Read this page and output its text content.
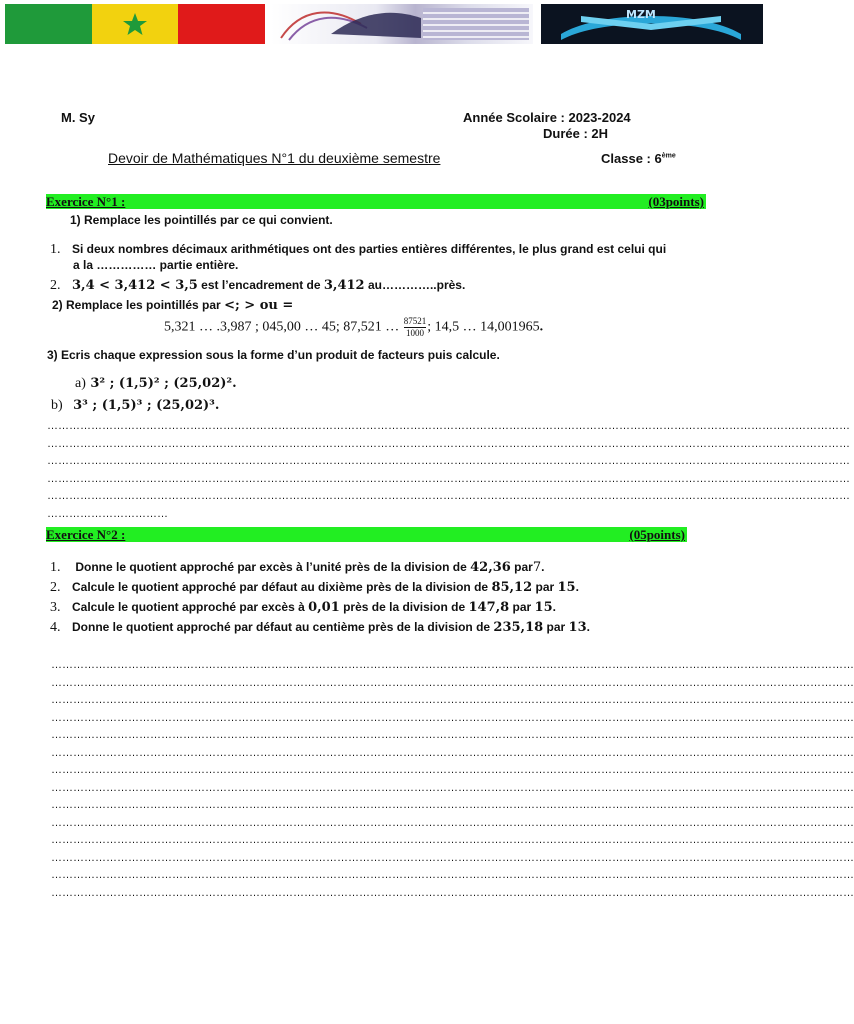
MZM
M. Sy	Année Scolaire : 2023-2024
Durée : 2H
Devoir de Mathématiques N°1 du deuxième semestre	Classe : 6ème
Exercice N°1 :	(03points)
1) Remplace les pointillés par ce qui convient.
1. Si deux nombres décimaux arithmétiques ont des parties entières différentes, le plus grand est celui qui
a la …………… partie entière.
2. 3,4 < 3,412 < 3,5 est l’encadrement de 3,412 au…………..près.
2) Remplace les pointillés par <; > ou =
5,321 … .3,987 ; 045,00 … 45; 87,521 … $\frac{87521}{1000}$ ; 14,5 … 14,001965.
3) Ecris chaque expression sous la forme d’un produit de facteurs puis calcule.
a) 3² ; (1,5)² ; (25,02)².
b) 3³ ; (1,5)³ ; (25,02)³.
…………………………………………………………………………………………………………………………………………………………………………………………………
…………………………………………………………………………………………………………………………………………………………………………………………………
…………………………………………………………………………………………………………………………………………………………………………………………………
…………………………………………………………………………………………………………………………………………………………………………………………………
…………………………………………………………………………………………………………………………………………………………………………………………………
……………………………
Exercice N°2 :	(05points)
1. Donne le quotient approché par excès à l’unité près de la division de 42,36 par7.
2. Calcule le quotient approché par défaut au dixième près de la division de 85,12 par 15.
3. Calcule le quotient approché par excès à 0,01 près de la division de 147,8 par 15.
4. Donne le quotient approché par défaut au centième près de la division de 235,18 par 13.
…………………………………………………………………………………………………………………………………………………………………………………………………
…………………………………………………………………………………………………………………………………………………………………………………………………
…………………………………………………………………………………………………………………………………………………………………………………………………
…………………………………………………………………………………………………………………………………………………………………………………………………
…………………………………………………………………………………………………………………………………………………………………………………………………
…………………………………………………………………………………………………………………………………………………………………………………………………
…………………………………………………………………………………………………………………………………………………………………………………………………
…………………………………………………………………………………………………………………………………………………………………………………………………
…………………………………………………………………………………………………………………………………………………………………………………………………
…………………………………………………………………………………………………………………………………………………………………………………………………
…………………………………………………………………………………………………………………………………………………………………………………………………
…………………………………………………………………………………………………………………………………………………………………………………………………
…………………………………………………………………………………………………………………………………………………………………………………………………
…………………………………………………………………………………………………………………………………………………………………………………………………
